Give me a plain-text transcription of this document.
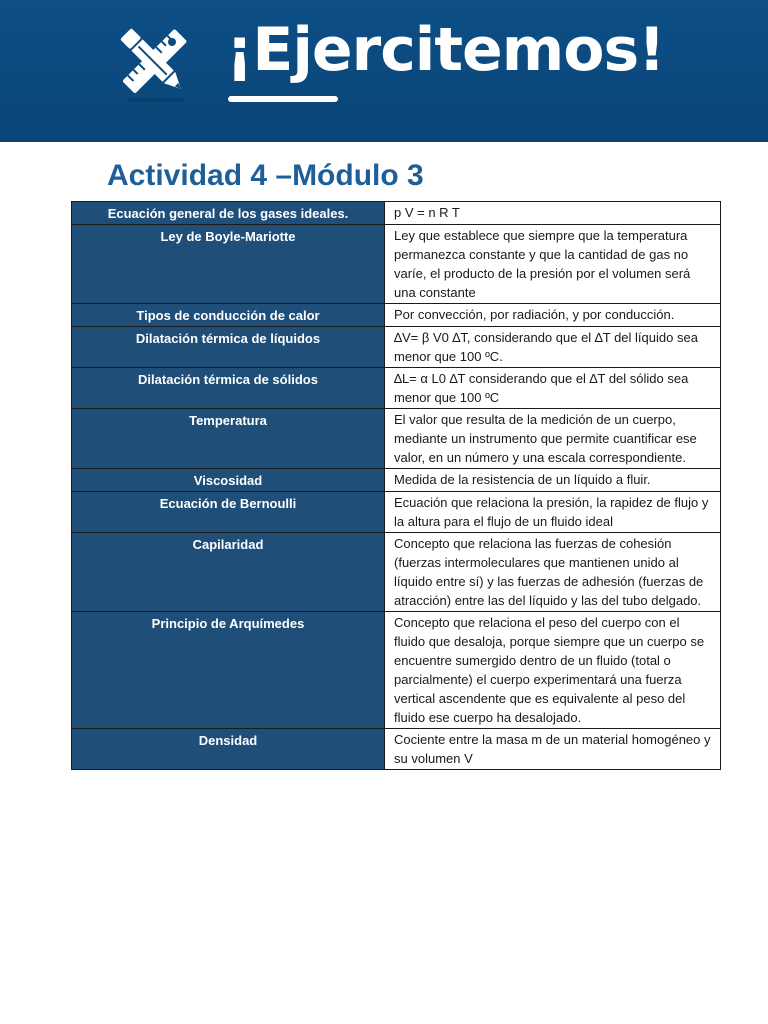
¡Ejercitemos!
Actividad 4 –Módulo 3
Ecuación general de los gases ideales.	p V = n R T
Ley de Boyle-Mariotte	Ley que establece que siempre que la temperatura permanezca constante y que la cantidad de gas no varíe, el producto de la presión por el volumen será una constante
Tipos de conducción de calor	Por convección, por radiación, y por conducción.
Dilatación térmica de líquidos	∆V= β V0 ∆T, considerando que el ∆T del líquido sea menor que 100 ºC.
Dilatación térmica de sólidos	∆L= α L0 ∆T considerando que el ∆T del sólido sea menor que 100 ºC
Temperatura	El valor que resulta de la medición de un cuerpo, mediante un instrumento que permite cuantificar ese valor, en un número y una escala correspondiente.
Viscosidad	Medida de la resistencia de un líquido a fluir.
Ecuación de Bernoulli	Ecuación que relaciona la presión, la rapidez de flujo y la altura para el flujo de un fluido ideal
Capilaridad	Concepto que relaciona las fuerzas de cohesión (fuerzas intermoleculares que mantienen unido al líquido entre sí) y las fuerzas de adhesión (fuerzas de atracción) entre las del líquido y las del tubo delgado.
Principio de Arquímedes	Concepto que relaciona el peso del cuerpo con el fluido que desaloja, porque siempre que un cuerpo se encuentre sumergido dentro de un fluido (total o parcialmente) el cuerpo experimentará una fuerza vertical ascendente que es equivalente al peso del fluido ese cuerpo ha desalojado.
Densidad	Cociente entre la masa m de un material homogéneo y su volumen V
